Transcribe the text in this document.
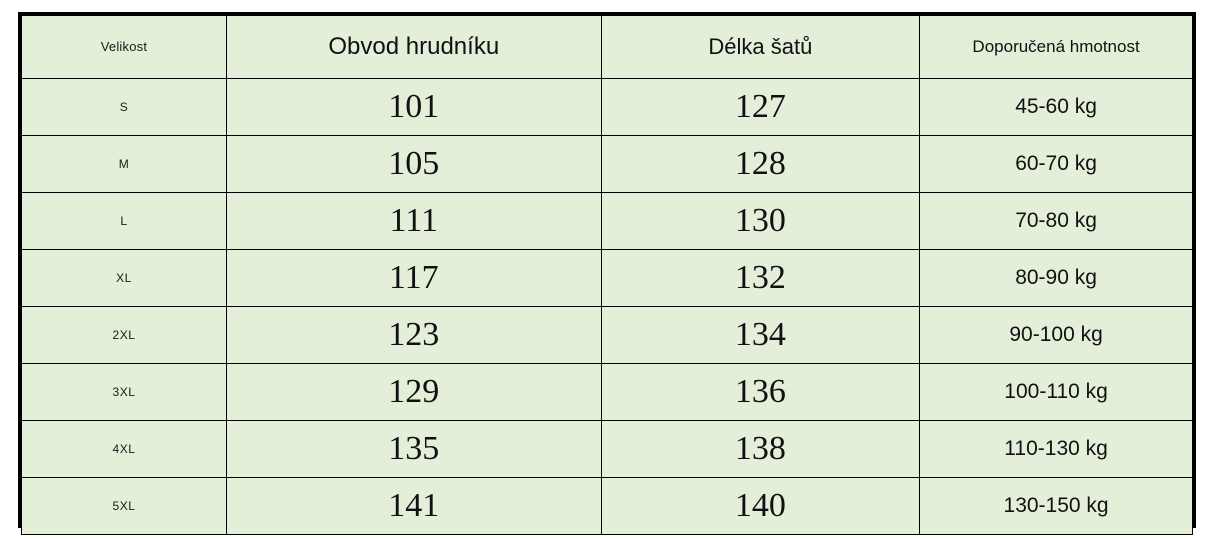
Velikost	Obvod hrudníku	Délka šatů	Doporučená hmotnost
S	101	127	45-60 kg
M	105	128	60-70 kg
L	111	130	70-80 kg
XL	117	132	80-90 kg
2XL	123	134	90-100 kg
3XL	129	136	100-110 kg
4XL	135	138	110-130 kg
5XL	141	140	130-150 kg
